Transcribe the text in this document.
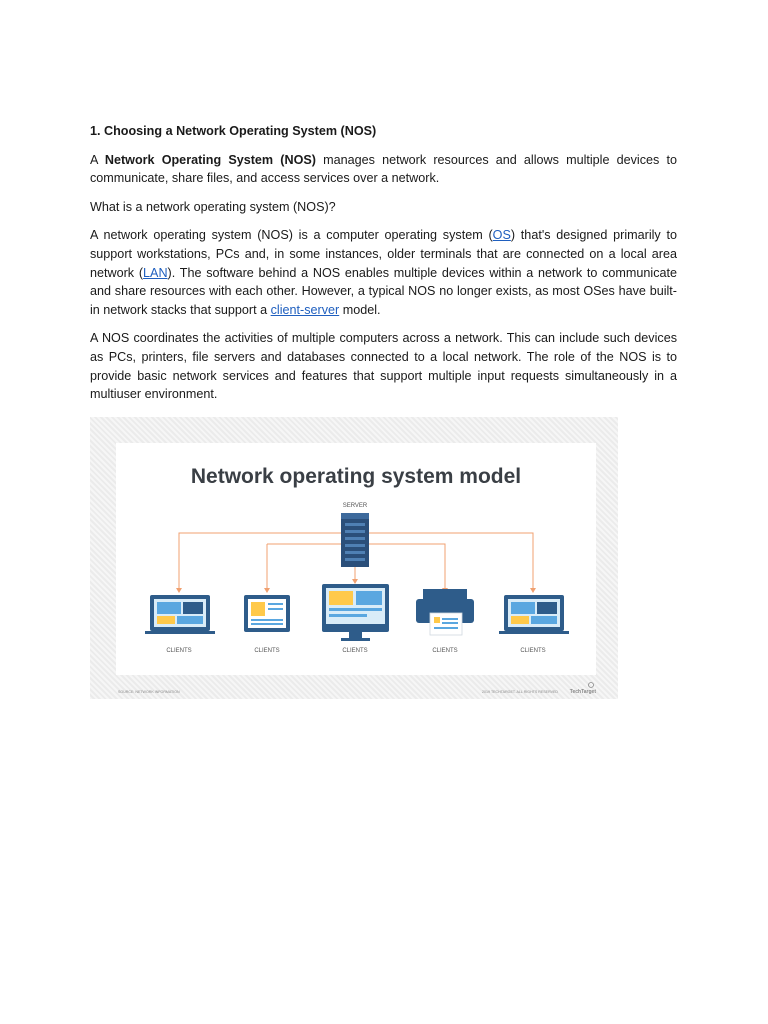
1. Choosing a Network Operating System (NOS)

A Network Operating System (NOS) manages network resources and allows multiple devices to communicate, share files, and access services over a network.

What is a network operating system (NOS)?

A network operating system (NOS) is a computer operating system (OS) that's designed primarily to support workstations, PCs and, in some instances, older terminals that are connected on a local area network (LAN). The software behind a NOS enables multiple devices within a network to communicate and share resources with each other. However, a typical NOS no longer exists, as most OSes have built-in network stacks that support a client-server model.

A NOS coordinates the activities of multiple computers across a network. This can include such devices as PCs, printers, file servers and databases connected to a local network. The role of the NOS is to provide basic network services and features that support multiple input requests simultaneously in a multiuser environment.

Network operating system model
SERVER
CLIENTS	CLIENTS	CLIENTS	CLIENTS	CLIENTS
SOURCE: NETWORK INFORMATION	2019 TECHTARGET. ALL RIGHTS RESERVED TechTarget
